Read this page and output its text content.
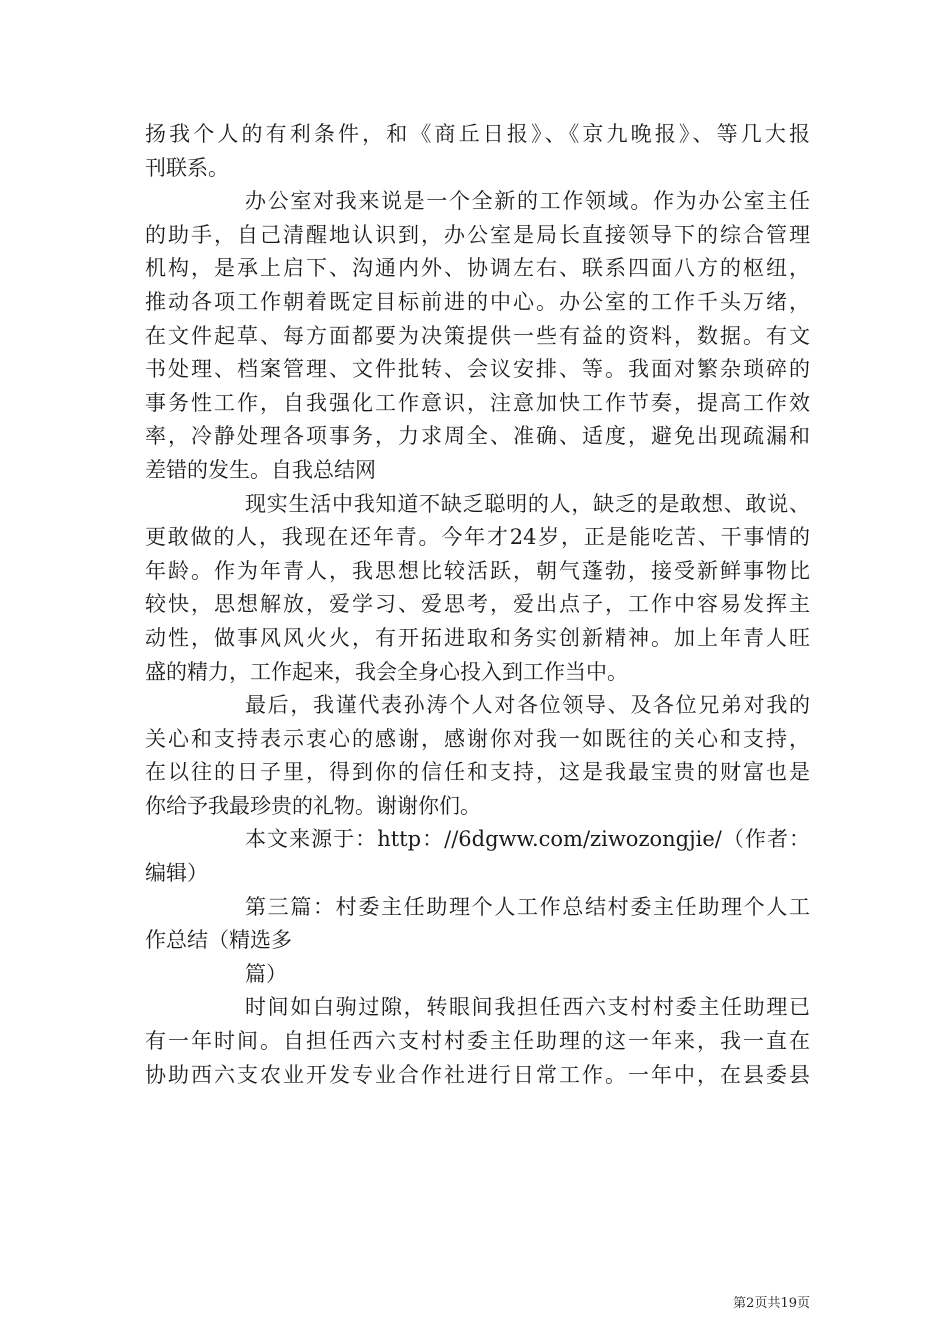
扬我个人的有利条件，和《商丘日报》、《京九晚报》、等几大报
刊联系。
办公室对我来说是一个全新的工作领域。作为办公室主任
的助手，自己清醒地认识到，办公室是局长直接领导下的综合管理
机构，是承上启下、沟通内外、协调左右、联系四面八方的枢纽，
推动各项工作朝着既定目标前进的中心。办公室的工作千头万绪，
在文件起草、每方面都要为决策提供一些有益的资料，数据。有文
书处理、档案管理、文件批转、会议安排、等。我面对繁杂琐碎的
事务性工作，自我强化工作意识，注意加快工作节奏，提高工作效
率，冷静处理各项事务，力求周全、准确、适度，避免出现疏漏和
差错的发生。自我总结网
现实生活中我知道不缺乏聪明的人，缺乏的是敢想、敢说、
更敢做的人，我现在还年青。今年才24岁，正是能吃苦、干事情的
年龄。作为年青人，我思想比较活跃，朝气蓬勃，接受新鲜事物比
较快，思想解放，爱学习、爱思考，爱出点子，工作中容易发挥主
动性，做事风风火火，有开拓进取和务实创新精神。加上年青人旺
盛的精力，工作起来，我会全身心投入到工作当中。
最后，我谨代表孙涛个人对各位领导、及各位兄弟对我的
关心和支持表示衷心的感谢，感谢你对我一如既往的关心和支持，
在以往的日子里，得到你的信任和支持，这是我最宝贵的财富也是
你给予我最珍贵的礼物。谢谢你们。
本文来源于：http：//6dgww.com/ziwozongjie/（作者：
编辑）
第三篇：村委主任助理个人工作总结村委主任助理个人工
作总结（精选多
篇）
时间如白驹过隙，转眼间我担任西六支村村委主任助理已
有一年时间。自担任西六支村村委主任助理的这一年来，我一直在
协助西六支农业开发专业合作社进行日常工作。一年中，在县委县
第2页共19页
